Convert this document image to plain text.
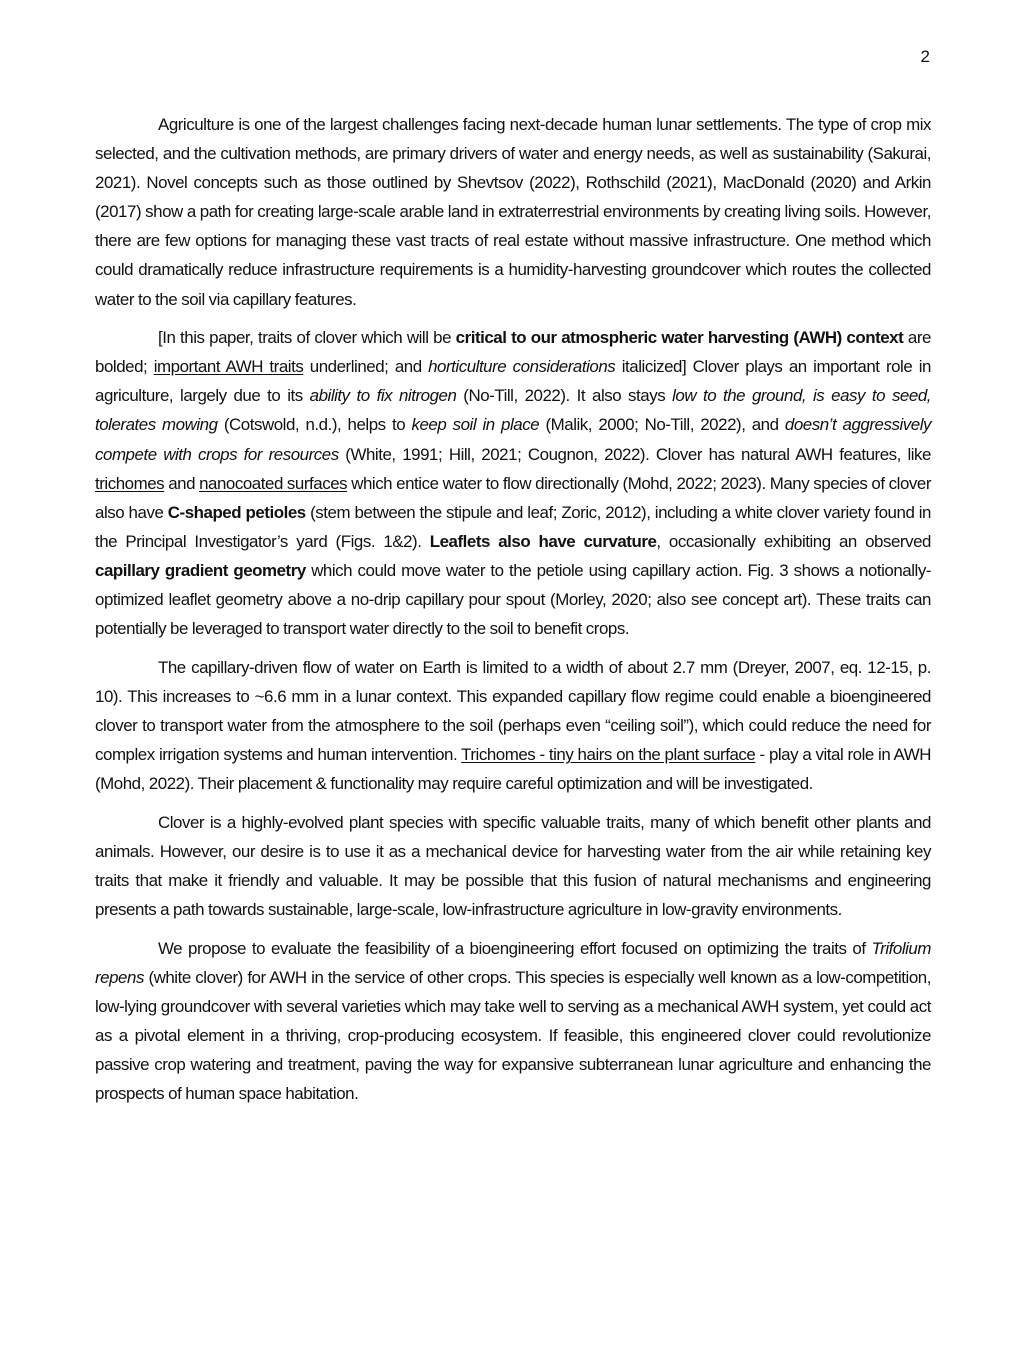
2

Agriculture is one of the largest challenges facing next-decade human lunar settlements. The type of crop mix selected, and the cultivation methods, are primary drivers of water and energy needs, as well as sustainability (Sakurai, 2021). Novel concepts such as those outlined by Shevtsov (2022), Rothschild (2021), MacDonald (2020) and Arkin (2017) show a path for creating large-scale arable land in extraterrestrial environments by creating living soils. However, there are few options for managing these vast tracts of real estate without massive infrastructure. One method which could dramatically reduce infrastructure requirements is a humidity-harvesting groundcover which routes the collected water to the soil via capillary features.

[In this paper, traits of clover which will be critical to our atmospheric water harvesting (AWH) context are bolded; important AWH traits underlined; and horticulture considerations italicized] Clover plays an important role in agriculture, largely due to its ability to fix nitrogen (No-Till, 2022). It also stays low to the ground, is easy to seed, tolerates mowing (Cotswold, n.d.), helps to keep soil in place (Malik, 2000; No-Till, 2022), and doesn’t aggressively compete with crops for resources (White, 1991; Hill, 2021; Cougnon, 2022). Clover has natural AWH features, like trichomes and nanocoated surfaces which entice water to flow directionally (Mohd, 2022; 2023). Many species of clover also have C-shaped petioles (stem between the stipule and leaf; Zoric, 2012), including a white clover variety found in the Principal Investigator’s yard (Figs. 1&2). Leaflets also have curvature, occasionally exhibiting an observed capillary gradient geometry which could move water to the petiole using capillary action. Fig. 3 shows a notionally-optimized leaflet geometry above a no-drip capillary pour spout (Morley, 2020; also see concept art). These traits can potentially be leveraged to transport water directly to the soil to benefit crops.

The capillary-driven flow of water on Earth is limited to a width of about 2.7 mm (Dreyer, 2007, eq. 12-15, p. 10). This increases to ~6.6 mm in a lunar context. This expanded capillary flow regime could enable a bioengineered clover to transport water from the atmosphere to the soil (perhaps even “ceiling soil”), which could reduce the need for complex irrigation systems and human intervention. Trichomes - tiny hairs on the plant surface - play a vital role in AWH (Mohd, 2022). Their placement & functionality may require careful optimization and will be investigated.

Clover is a highly-evolved plant species with specific valuable traits, many of which benefit other plants and animals. However, our desire is to use it as a mechanical device for harvesting water from the air while retaining key traits that make it friendly and valuable. It may be possible that this fusion of natural mechanisms and engineering presents a path towards sustainable, large-scale, low-infrastructure agriculture in low-gravity environments.

We propose to evaluate the feasibility of a bioengineering effort focused on optimizing the traits of Trifolium repens (white clover) for AWH in the service of other crops. This species is especially well known as a low-competition, low-lying groundcover with several varieties which may take well to serving as a mechanical AWH system, yet could act as a pivotal element in a thriving, crop-producing ecosystem. If feasible, this engineered clover could revolutionize passive crop watering and treatment, paving the way for expansive subterranean lunar agriculture and enhancing the prospects of human space habitation.
